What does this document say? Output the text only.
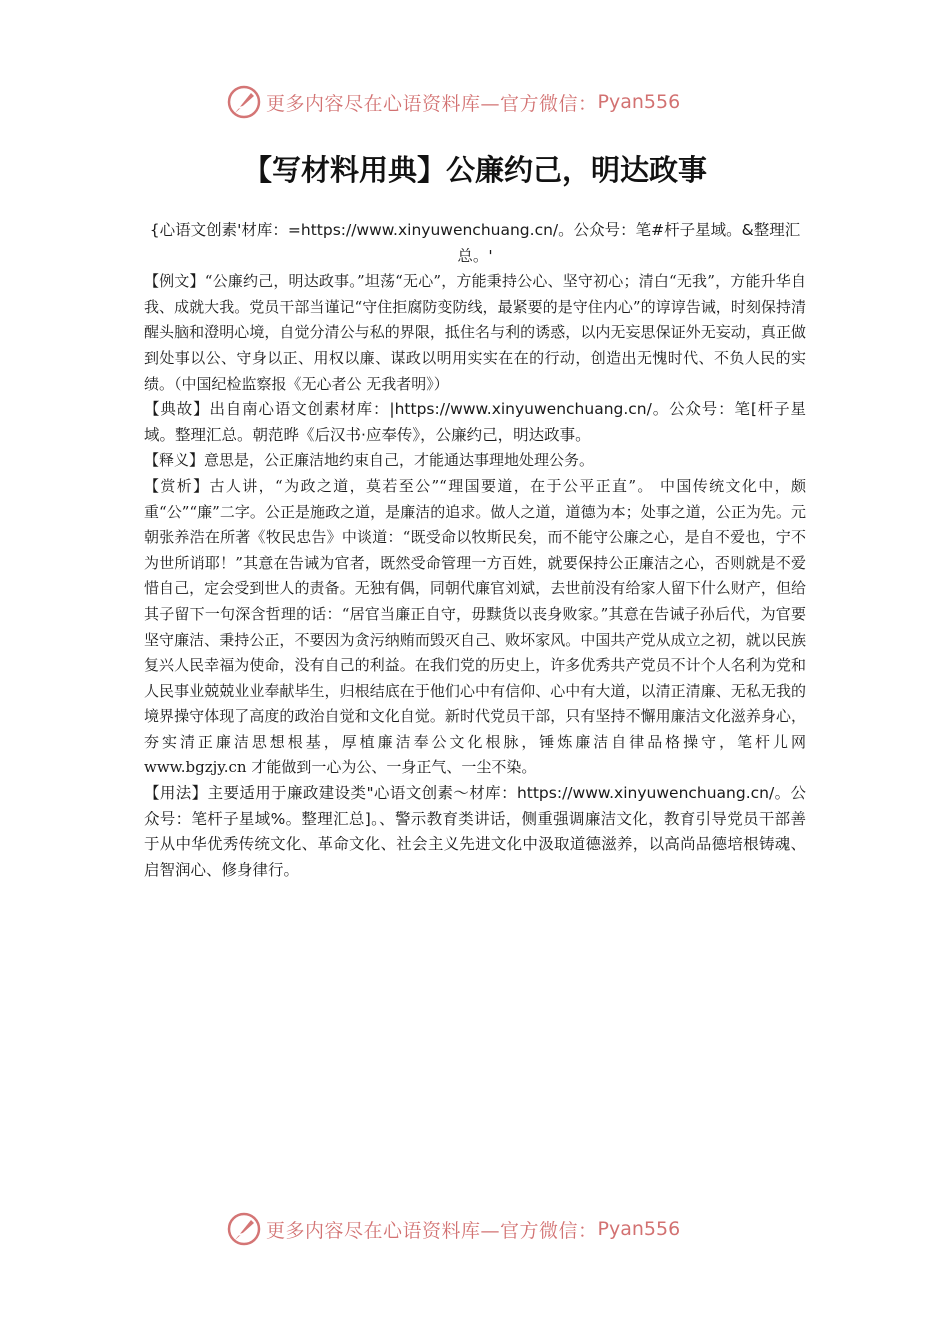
更多内容尽在心语资料库—官方微信： Pyan556
【写材料用典】公廉约己，明达政事

{心语文创素'材库：=https://www.xinyuwenchuang.cn/。公众号：笔#杆子星域。&整理汇总。'

【例文】“公廉约己，明达政事。”坦荡“无心”，方能秉持公心、坚守初心；清白“无我”，方能升华自我、成就大我。党员干部当谨记“守住拒腐防变防线，最紧要的是守住内心”的谆谆告诫，时刻保持清醒头脑和澄明心境，自觉分清公与私的界限，抵住名与利的诱惑，以内无妄思保证外无妄动，真正做到处事以公、守身以正、用权以廉、谋政以明用实实在在的行动，创造出无愧时代、不负人民的实绩。（中国纪检监察报《无心者公 无我者明》）

【典故】出自南心语文创素材库：|https://www.xinyuwenchuang.cn/。公众号：笔[杆子星域。整理汇总。朝范晔《后汉书·应奉传》，公廉约己，明达政事。

【释义】意思是，公正廉洁地约束自己，才能通达事理地处理公务。

【赏析】古人讲，“为政之道，莫若至公”“理国要道，在于公平正直”。 中国传统文化中，颇重“公”“廉”二字。公正是施政之道，是廉洁的追求。做人之道，道德为本；处事之道，公正为先。元朝张养浩在所著《牧民忠告》中谈道：“既受命以牧斯民矣，而不能守公廉之心，是自不爱也，宁不为世所诮耶！”其意在告诫为官者，既然受命管理一方百姓，就要保持公正廉洁之心，否则就是不爱惜自己，定会受到世人的责备。无独有偶，同朝代廉官刘斌，去世前没有给家人留下什么财产，但给其子留下一句深含哲理的话：“居官当廉正自守，毋黩货以丧身败家。”其意在告诫子孙后代，为官要坚守廉洁、秉持公正，不要因为贪污纳贿而毁灭自己、败坏家风。中国共产党从成立之初，就以民族复兴人民幸福为使命，没有自己的利益。在我们党的历史上，许多优秀共产党员不计个人名利为党和人民事业兢兢业业奉献毕生，归根结底在于他们心中有信仰、心中有大道，以清正清廉、无私无我的境界操守体现了高度的政治自觉和文化自觉。新时代党员干部，只有坚持不懈用廉洁文化滋养身心，夯实清正廉洁思想根基，厚植廉洁奉公文化根脉，锤炼廉洁自律品格操守，笔杆儿网 www.bgzjy.cn 才能做到一心为公、一身正气、一尘不染。

【用法】主要适用于廉政建设类"心语文创素～材库：https://www.xinyuwenchuang.cn/。公众号：笔杆子星域%。整理汇总]。、警示教育类讲话，侧重强调廉洁文化，教育引导党员干部善于从中华优秀传统文化、革命文化、社会主义先进文化中汲取道德滋养，以高尚品德培根铸魂、启智润心、修身律行。

更多内容尽在心语资料库—官方微信： Pyan556
